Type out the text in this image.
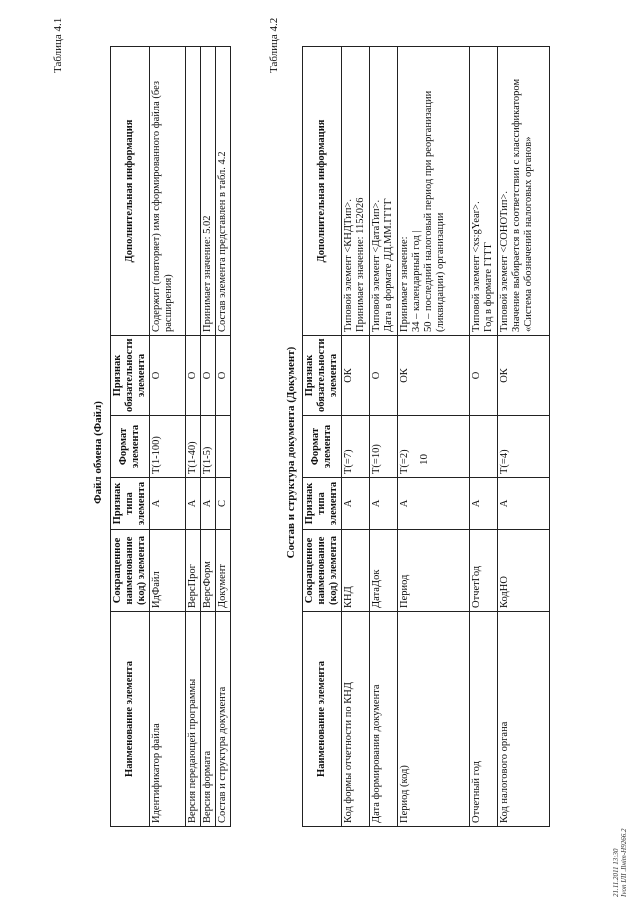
10
Таблица 4.1
Файл обмена (Файл)
Наименование элемента	Сокращенное наименование (код) элемента	Признак типа элемента	Формат элемента	Признак обязательности элемента	Дополнительная информация
Идентификатор файла	ИдФайл	А	Т(1-100)	О	Содержит (повторяет) имя сформированного файла (без расширения)
Версия передающей программы	ВерсПрог	А	Т(1-40)	О	
Версия формата	ВерсФорм	А	Т(1-5)	О	Принимает значение: 5.02
Состав и структура документа	Документ	С		О	Состав элемента представлен в табл. 4.2
Таблица 4.2
Состав и структура документа (Документ)
Наименование элемента	Сокращенное наименование (код) элемента	Признак типа элемента	Формат элемента	Признак обязательности элемента	Дополнительная информация
Код формы отчетности по КНД	КНД	А	Т(=7)	ОК	Типовой элемент <КНДТип>.
Принимает значение: 1152026
Дата формирования документа	ДатаДок	А	Т(=10)	О	Типовой элемент <ДатаТип>.
Дата в формате ДД.ММ.ГГГГ
Период (код)	Период	А	Т(=2)	ОК	Принимает значение:
34 – календарный год |
50 – последний налоговый период при реорганизации (ликвидации) организации
Отчетный год	ОтчетГод	А		О	Типовой элемент <xs:gYear>.
Год в формате ГГГГ
Код налогового органа	КодНО	А	Т(=4)	ОК	Типовой элемент <СОНОТип>.
Значение выбирается в соответствии с классификатором «Система обозначений налоговых органов»
21.11.2011 13:30 Ivon IЛI .Ilнiт-H9266.2
